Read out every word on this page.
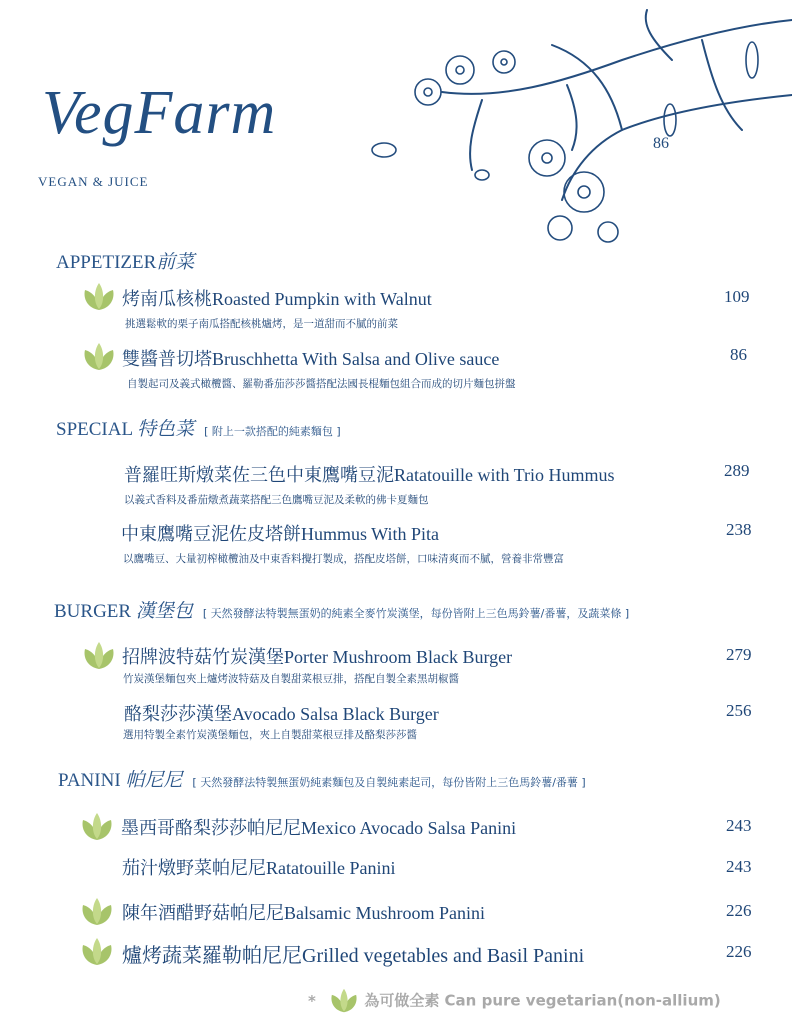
VegFarm
VEGAN & JUICE
86
APPETIZER前菜
烤南瓜核桃Roasted Pumpkin with Walnut	109
挑選鬆軟的栗子南瓜搭配核桃爐烤，是一道甜而不膩的前菜
雙醬普切塔Bruschhetta With Salsa and Olive sauce	86
自製起司及義式橄欖醬、羅勒番茄莎莎醬搭配法國長棍麵包組合而成的切片麵包拼盤
SPECIAL 特色菜 [ 附上一款搭配的純素麵包 ]
普羅旺斯燉菜佐三色中東鷹嘴豆泥Ratatouille with Trio Hummus	289
以義式香料及番茄燉煮蔬菜搭配三色鷹嘴豆泥及柔軟的佛卡夏麵包
中東鷹嘴豆泥佐皮塔餅Hummus With Pita	238
以鷹嘴豆、大量初榨橄欖油及中東香料攪打製成，搭配皮塔餅，口味清爽而不膩，營養非常豐富
BURGER 漢堡包 [ 天然發酵法特製無蛋奶的純素全麥竹炭漢堡，每份皆附上三色馬鈴薯/番薯，及蔬菜條 ]
招牌波特菇竹炭漢堡Porter Mushroom Black Burger	279
竹炭漢堡麵包夾上爐烤波特菇及自製甜菜根豆排，搭配自製全素黑胡椒醬
酪梨莎莎漢堡Avocado Salsa Black Burger	256
選用特製全素竹炭漢堡麵包，夾上自製甜菜根豆排及酪梨莎莎醬
PANINI 帕尼尼 [ 天然發酵法特製無蛋奶純素麵包及自製純素起司，每份皆附上三色馬鈴薯/番薯 ]
墨西哥酪梨莎莎帕尼尼Mexico Avocado Salsa Panini	243
茄汁燉野菜帕尼尼Ratatouille Panini	243
陳年酒醋野菇帕尼尼Balsamic Mushroom Panini	226
爐烤蔬菜羅勒帕尼尼Grilled vegetables and Basil Panini	226
*	為可做全素 Can pure vegetarian(non-allium)
